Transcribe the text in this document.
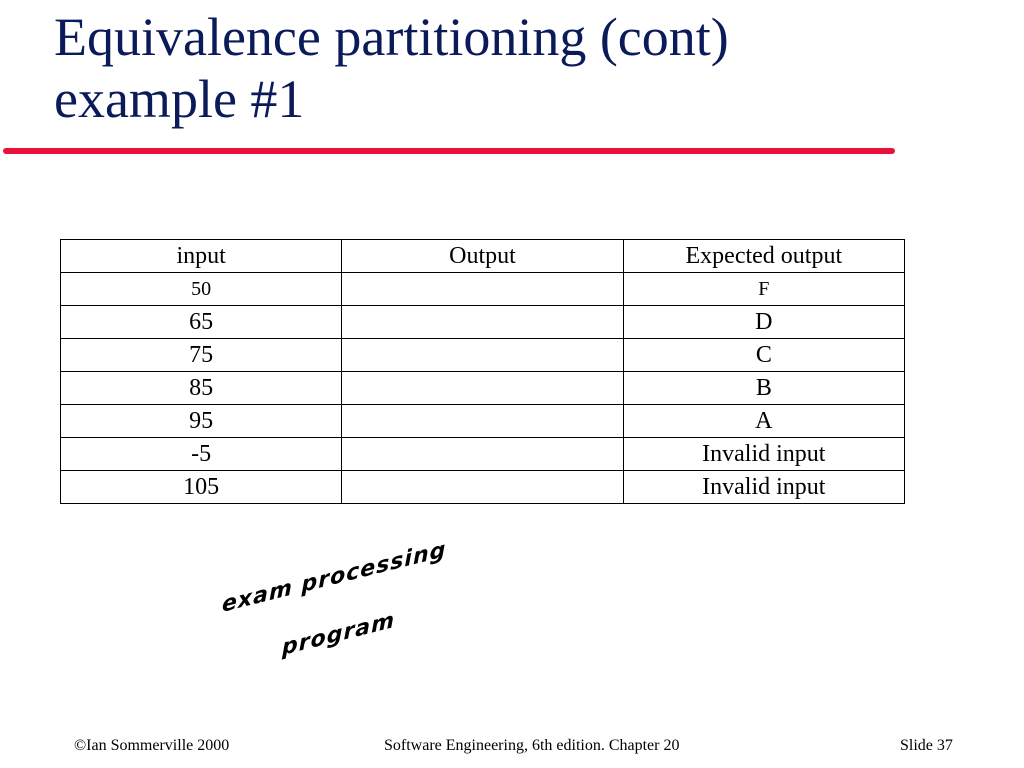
Equivalence partitioning (cont)
example #1
input	Output	Expected output
50		F
65		D
75		C
85		B
95		A
-5		Invalid input
105		Invalid input
exam processing
program
©Ian Sommerville 2000	Software Engineering, 6th edition. Chapter 20	Slide 37
